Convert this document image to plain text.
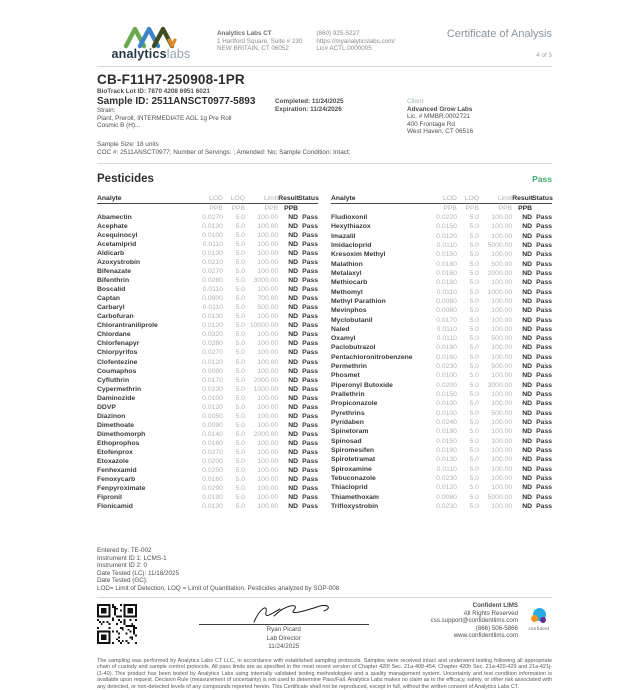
analyticslabs
Analytics Labs CT
1 Hartford Square, Suite # 230
NEW BRITAIN, CT 06052
(860) 925-5227
https://myanalyticslabs.com/
Lic# ACTL.0000005
Certificate of Analysis
4 of 5
CB-F11H7-250908-1PR
BioTrack Lot ID: 7870 4208 6951 6021
Sample ID: 2511ANSCT0977-5893
Strain:
Plant, Preroll, INTERMEDIATE AGL 1g Pre Roll
Cosmic B (H)...
Completed: 11/24/2025
Expiration: 11/24/2026
Client
Advanced Grow Labs
Lic. # MMBR.0002721
400 Frontage Rd
West Haven, CT 06516
Sample Size: 18 units
COC #: 2511ANSCT0977; Number of Servings: ; Amended: No; Sample Condition: Intact;
Pesticides	Pass
Analyte	LOD	LOQ	Limit	Result	Status
	PPB	PPB	PPB	PPB	
Abamectin	0.0270	5.0	100.00	ND	Pass
Acephate	0.0130	5.0	100.00	ND	Pass
Acequinocyl	0.0100	5.0	100.00	ND	Pass
Acetamiprid	0.0110	5.0	100.00	ND	Pass
Aldicarb	0.0130	5.0	100.00	ND	Pass
Azoxystrobin	0.0210	5.0	100.00	ND	Pass
Bifenazate	0.0270	5.0	100.00	ND	Pass
Bifenthrin	0.0280	5.0	3000.00	ND	Pass
Boscalid	0.0110	5.0	100.00	ND	Pass
Captan	0.0900	5.0	700.00	ND	Pass
Carbaryl	0.0110	5.0	500.00	ND	Pass
Carbofuran	0.0130	5.0	100.00	ND	Pass
Chlorantraniliprole	0.0120	5.0	10000.00	ND	Pass
Chlordane	0.0320	5.0	100.00	ND	Pass
Chlorfenapyr	0.0280	5.0	100.00	ND	Pass
Chlorpyrifos	0.0270	5.0	100.00	ND	Pass
Clofentezine	0.0120	5.0	100.00	ND	Pass
Coumaphos	0.0090	5.0	100.00	ND	Pass
Cyfluthrin	0.0170	5.0	2000.00	ND	Pass
Cypermethrin	0.0230	5.0	1000.00	ND	Pass
Daminozide	0.0100	5.0	100.00	ND	Pass
DDVP	0.0120	5.0	100.00	ND	Pass
Diazinon	0.0050	5.0	100.00	ND	Pass
Dimethoate	0.0090	5.0	100.00	ND	Pass
Dimethomorph	0.0140	5.0	2000.00	ND	Pass
Ethoprophos	0.0160	5.0	100.00	ND	Pass
Etofenprox	0.0270	5.0	100.00	ND	Pass
Etoxazole	0.0200	5.0	100.00	ND	Pass
Fenhexamid	0.0250	5.0	100.00	ND	Pass
Fenoxycarb	0.0160	5.0	100.00	ND	Pass
Fenpyroximate	0.0290	5.0	100.00	ND	Pass
Fipronil	0.0190	5.0	100.00	ND	Pass
Flonicamid	0.0130	5.0	100.00	ND	Pass
Analyte	LOD	LOQ	Limit	Result	Status
	PPB	PPB	PPB	PPB	
Fludioxonil	0.0220	5.0	100.00	ND	Pass
Hexythiazox	0.0150	5.0	100.00	ND	Pass
Imazalil	0.0120	5.0	100.00	ND	Pass
Imidacloprid	0.0110	5.0	5000.00	ND	Pass
Kresoxim Methyl	0.0150	5.0	100.00	ND	Pass
Malathion	0.0180	5.0	500.00	ND	Pass
Metalaxyl	0.0160	5.0	2000.00	ND	Pass
Methiocarb	0.0180	5.0	100.00	ND	Pass
Methomyl	0.0110	5.0	1000.00	ND	Pass
Methyl Parathion	0.0080	5.0	100.00	ND	Pass
Mevinphos	0.0080	5.0	100.00	ND	Pass
Myclobutanil	0.0170	5.0	100.00	ND	Pass
Naled	0.0110	5.0	100.00	ND	Pass
Oxamyl	0.0110	5.0	500.00	ND	Pass
Paclobutrazol	0.0190	5.0	100.00	ND	Pass
Pentachloronitrobenzene	0.0160	5.0	100.00	ND	Pass
Permethrin	0.0230	5.0	500.00	ND	Pass
Phosmet	0.0100	5.0	100.00	ND	Pass
Piperonyl Butoxide	0.0200	5.0	3000.00	ND	Pass
Prallethrin	0.0150	5.0	100.00	ND	Pass
Propiconazole	0.0100	5.0	100.00	ND	Pass
Pyrethrins	0.0100	5.0	500.00	ND	Pass
Pyridaben	0.0240	5.0	100.00	ND	Pass
Spinetoram	0.0190	5.0	100.00	ND	Pass
Spinosad	0.0150	5.0	100.00	ND	Pass
Spiromesifen	0.0190	5.0	100.00	ND	Pass
Spirotetramat	0.0130	5.0	100.00	ND	Pass
Spiroxamine	0.0110	5.0	100.00	ND	Pass
Tebuconazole	0.0230	5.0	100.00	ND	Pass
Thiacloprid	0.0120	5.0	100.00	ND	Pass
Thiamethoxam	0.0080	5.0	5000.00	ND	Pass
Trifloxystrobin	0.0230	5.0	100.00	ND	Pass
Entered by: TE-002
Instrument ID 1: LCMS-1
Instrument ID 2: 0
Date Tested (LC): 11/18/2025
Date Tested (GC):
LOD= Limit of Detection, LOQ = Limit of Quantitation. Pesticides analyzed by SOP-008
Ryan Picard
Lab Director
11/24/2025
Confident LIMS
All Rights Reserved
css.support@confidentlims.com
(866) 506-5866
www.confidentlims.com
confident
The sampling was performed by Analytics Labs CT LLC, in accordance with established sampling protocols. Samples were received intact and underwent testing following all appropriate chain of custody and sample control protocols. All pass limits are as specified in the most recent version of Chapter 420f Sec. 21a-408-454, Chapter 420h Sec. 21a-420-429 and 21a-421j-(1-40). This product has been tested by Analytics Labs using internally validated testing methodologies and a quality management system. Uncertainty and test condition information is available upon request. Decision Rule (measurement of uncertainty) is not used to determine Pass/Fail. Analytics Labs makes no claim as to the efficacy, safety, or other risk associated with any detected, or non-detected levels of any compounds reported herein. This Certificate shall not be reproduced, except in full, without the written consent of Analytics Labs CT.
